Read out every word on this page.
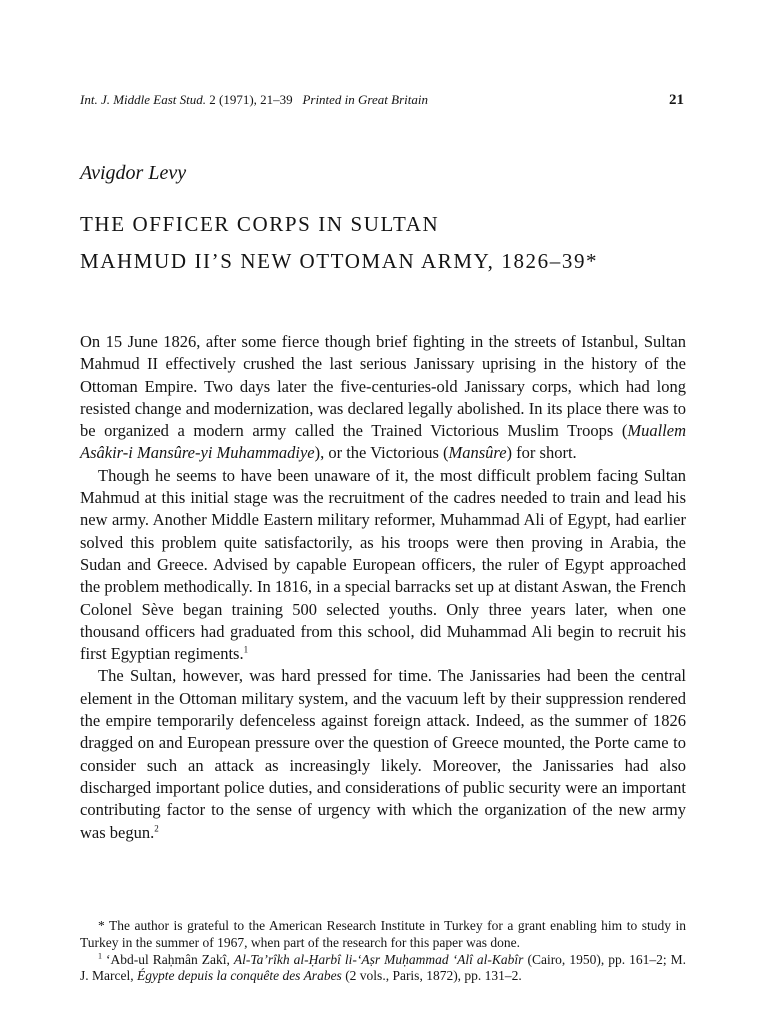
Int. J. Middle East Stud. 2 (1971), 21–39 Printed in Great Britain	21
Avigdor Levy
THE OFFICER CORPS IN SULTAN
MAHMUD II’S NEW OTTOMAN ARMY, 1826–39*

On 15 June 1826, after some fierce though brief fighting in the streets of Istanbul, Sultan Mahmud II effectively crushed the last serious Janissary uprising in the history of the Ottoman Empire. Two days later the five-centuries-old Janissary corps, which had long resisted change and modernization, was declared legally abolished. In its place there was to be organized a modern army called the Trained Victorious Muslim Troops (Muallem Asâkir-i Mansûre-yi Muhammadiye), or the Victorious (Mansûre) for short.

Though he seems to have been unaware of it, the most difficult problem facing Sultan Mahmud at this initial stage was the recruitment of the cadres needed to train and lead his new army. Another Middle Eastern military reformer, Muhammad Ali of Egypt, had earlier solved this problem quite satisfactorily, as his troops were then proving in Arabia, the Sudan and Greece. Advised by capable European officers, the ruler of Egypt approached the problem methodically. In 1816, in a special barracks set up at distant Aswan, the French Colonel Sève began training 500 selected youths. Only three years later, when one thousand officers had graduated from this school, did Muhammad Ali begin to recruit his first Egyptian regiments.$^1$

The Sultan, however, was hard pressed for time. The Janissaries had been the central element in the Ottoman military system, and the vacuum left by their suppression rendered the empire temporarily defenceless against foreign attack. Indeed, as the summer of 1826 dragged on and European pressure over the question of Greece mounted, the Porte came to consider such an attack as increasingly likely. Moreover, the Janissaries had also discharged important police duties, and considerations of public security were an important contributing factor to the sense of urgency with which the organization of the new army was begun.$^2$

* The author is grateful to the American Research Institute in Turkey for a grant enabling him to study in Turkey in the summer of 1967, when part of the research for this paper was done.

$^1$ ‘Abd-ul Raḥmân Zakî, Al-Ta’rîkh al-Ḥarbî li-‘Aṣr Muḥammad ‘Alî al-Kabîr (Cairo, 1950), pp. 161–2; M. J. Marcel, Égypte depuis la conquête des Arabes (2 vols., Paris, 1872), pp. 131–2.
